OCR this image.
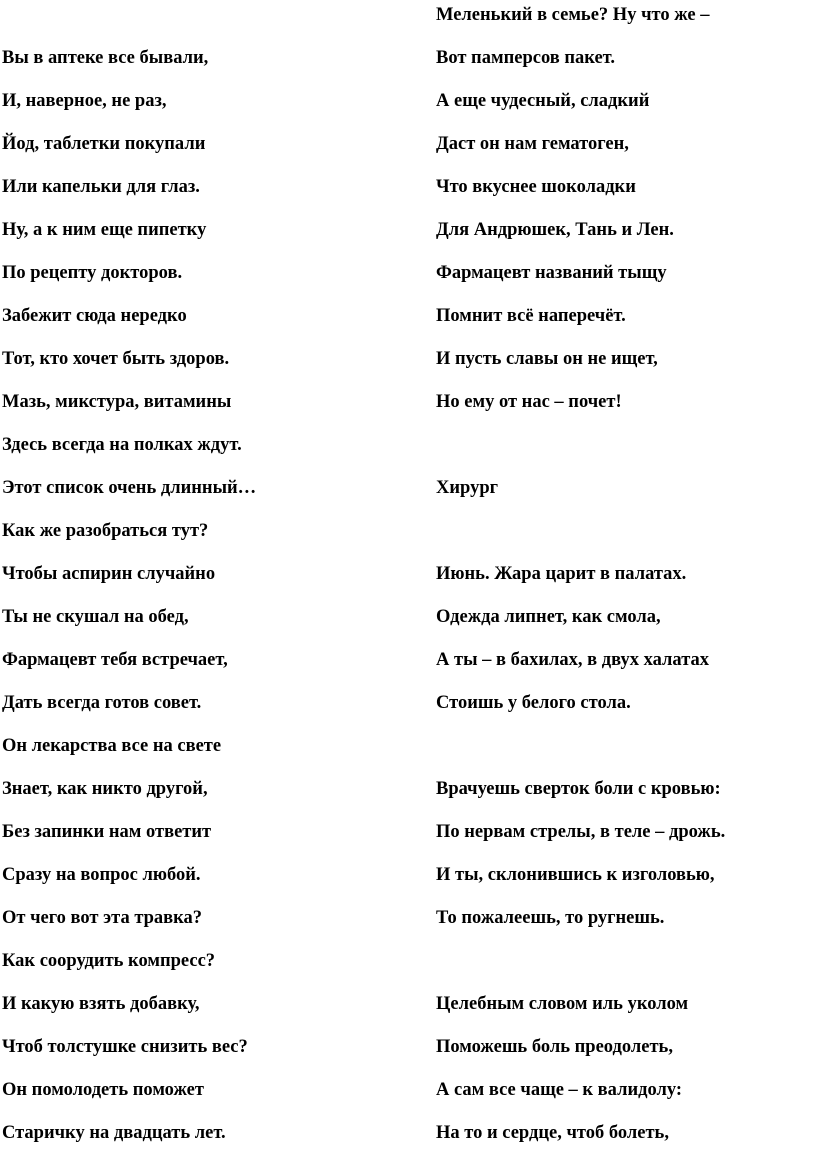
Вы в аптеке все бывали,
И, наверное, не раз,
Йод, таблетки покупали
Или капельки для глаз.
Ну, а к ним еще пипетку
По рецепту докторов.
Забежит сюда нередко
Тот, кто хочет быть здоров.
Мазь, микстура, витамины
Здесь всегда на полках ждут.
Этот список очень длинный…
Как же разобраться тут?
Чтобы аспирин случайно
Ты не скушал на обед,
Фармацевт тебя встречает,
Дать всегда готов совет.
Он лекарства все на свете
Знает, как никто другой,
Без запинки нам ответит
Сразу на вопрос любой.
От чего вот эта травка?
Как соорудить компресс?
И какую взять добавку,
Чтоб толстушке снизить вес?
Он помолодеть поможет
Старичку на двадцать лет.
Меленький в семье? Ну что же –
Вот памперсов пакет.
А еще чудесный, сладкий
Даст он нам гематоген,
Что вкуснее шоколадки
Для Андрюшек, Тань и Лен.
Фармацевт названий тыщу
Помнит всё наперечёт.
И пусть славы он не ищет,
Но ему от нас – почет!
Хирург
Июнь. Жара царит в палатах.
Одежда липнет, как смола,
А ты – в бахилах, в двух халатах
Стоишь у белого стола.
Врачуешь сверток боли с кровью:
По нервам стрелы, в теле – дрожь.
И ты, склонившись к изголовью,
То пожалеешь, то ругнешь.
Целебным словом иль уколом
Поможешь боль преодолеть,
А сам все чаще – к валидолу:
На то и сердце, чтоб болеть,
